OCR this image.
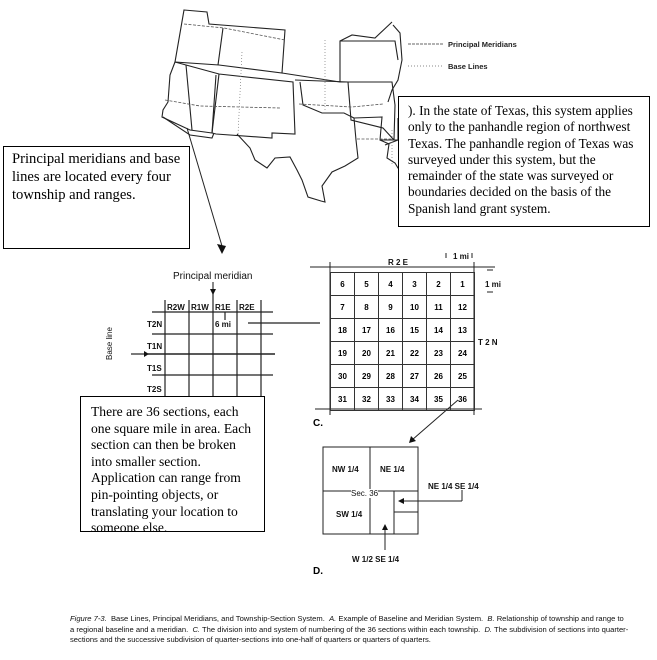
Principal Meridians
Base Lines
). In the state of Texas, this system applies only to the panhandle region of northwest Texas. The panhandle region of Texas was surveyed under this system, but the remainder of the state was surveyed or boundaries decided on the basis of the Spanish land grant system.
Principal meridians and base lines are located every four township and ranges.
Principal meridian
R2W R1W R1E R2E
T2N
T1N
T1S
T2S
6 mi
Base line
R 2 E
1 mi
1 mi
T 2 N
6	5	4	3	2	1
7	8	9	10	11	12
18	17	16	15	14	13
19	20	21	22	23	24
30	29	28	27	26	25
31	32	33	34	35	36
C.
There are 36 sections, each one square mile in area. Each section can then be broken into smaller section. Application can range from pin-pointing objects, or translating your location to someone else.
NW 1/4	NE 1/4
SW 1/4
Sec. 36
NE 1/4 SE 1/4
W 1/2 SE 1/4
D.
Figure 7-3. Base Lines, Principal Meridians, and Township-Section System. A. Example of Baseline and Meridian System. B. Relationship of township and range to a regional baseline and a meridian. C. The division into and system of numbering of the 36 sections within each township. D. The subdivision of sections into quarter-sections and the successive subdivision of quarter-sections into one-half of quarters or quarters of quarters.
